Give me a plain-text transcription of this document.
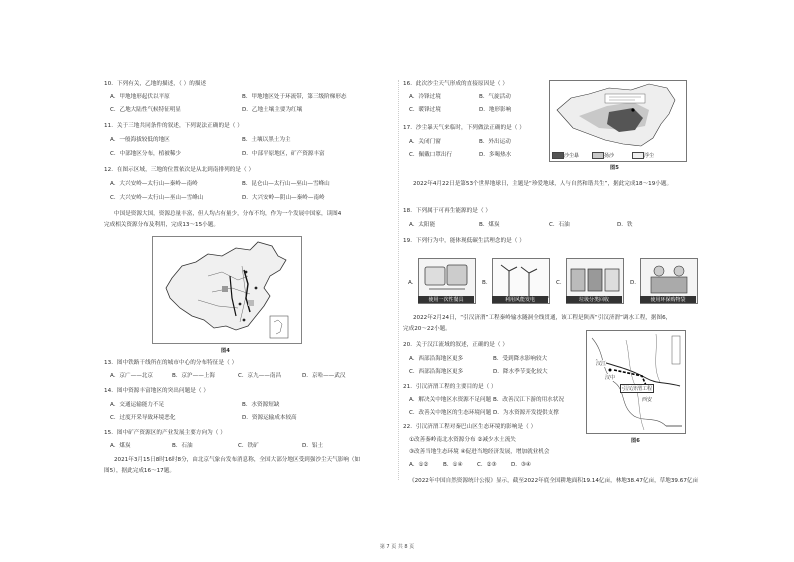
10．下列有关，乙地的描述，（ ）的描述
A．甲地地形起伏以平原	B．甲地地区处于环流带，第三级阶梯形态
C．乙地大陆性气候特征明显	D．乙地土壤主要为红壤
11．关于三地共同条件的叙述，下列说法正确的是（ ）
A．一般海拔较低的地区	B．土壤以黑土为主
C．中部地区分布，植被稀少	D．中部平原地区，矿产资源丰富
12．在图示区域，三地的位置依次是从北到南排列的是（ ）
A．大兴安岭—太行山—秦岭—南岭	B．昆仑山—太行山—巫山—雪峰山
C．大兴安岭—太行山—巫山—雪峰山	D．大兴安岭—阴山—秦岭—南岭
中国是资源大国，资源总量丰富，但人均占有量少，分布不均，作为一个发展中国家，读图4
完成相关资源分布及利用，完成13～15小题。
图4
13．图中铁路干线所在的城市中心的分布特征是（ ）
A．京广——北京	B．京沪——上海	C．京九——南昌	D．京哈——武汉
14．图中资源丰富地区的突出问题是（ ）
A．交通运输能力不足	B．水资源短缺
C．过度开采导致环境恶化	D．资源运输成本较高
15．图中矿产资源区的产业发展主要方向为（ ）
A．煤炭	B．石油	C．铁矿	D．铝土
2021年3月15日8时16时8分，由北京气象台发布消息称，全国大部分地区受到强沙尘天气影响（如
图5），据此完成16～17题。
16．此次沙尘天气形成的直接原因是（ ）
A．冷锋过境	B．气旋活动
C．暖锋过境	D．地形影响
17．沙尘暴天气来临时，下列做法正确的是（ ）
A．关闭门窗	B．外出运动
C．佩戴口罩出行	D．多喝热水
图5
沙尘暴	扬沙	浮尘
2022年4月22日是第53个世界地球日，主题是“珍爱地球，人与自然和谐共生”，据此完成18～19小题。
18．下列属于可再生能源的是（ ）
A．太阳能	B．煤炭	C．石油	D．铁
19．下列行为中，能体现低碳生活理念的是（ ）
A.
使用一次性餐具
B.
利用风能发电
C.
垃圾分类回收
D.
使用环保购物袋
2022年2月24日，“引汉济渭”工程秦岭输水隧洞全线贯通，该工程是陕西“引汉济渭”调水工程，据图6，
完成20～22小题。
20．关于汉江流域的叙述，正确的是（ ）
A．西部沿海地区更多	B．受到降水影响较大
C．西部沿海地区更多	D．降水季节变化较大
21．引汉济渭工程的主要目的是（ ）
A．解决关中地区水资源不足问题 B．改善汉江下游的用水状况
C．改善关中地区的生态环境问题 D．为水资源开发提供支撑
22．引汉济渭工程对秦巴山区生态环境的影响是（ ）
①改善秦岭南北水资源分布 ②减少水土流失
③改善当地生态环境 ④促进当地经济发展，增加就业机会
A．①②	B．①④	C．②③	D．③④
《2022年中国自然资源统计公报》显示，截至2022年底全国耕地面积19.14亿亩，林地38.47亿亩，草地39.67亿亩
汉江
汉中
引汉济渭工程
西安
图6
第 7 页 共 8 页
